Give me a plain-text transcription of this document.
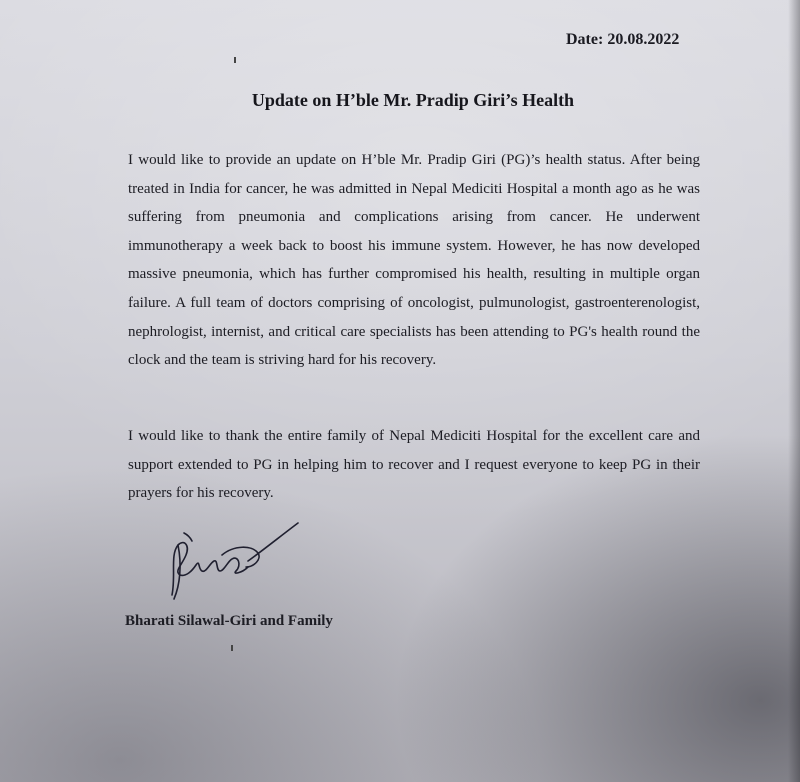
Date: 20.08.2022
Update on H’ble Mr. Pradip Giri’s Health
I would like to provide an update on H’ble Mr. Pradip Giri (PG)’s health status. After being treated in India for cancer, he was admitted in Nepal Mediciti Hospital a month ago as he was suffering from pneumonia and complications arising from cancer. He underwent immunotherapy a week back to boost his immune system. However, he has now developed massive pneumonia, which has further compromised his health, resulting in multiple organ failure. A full team of doctors comprising of oncologist, pulmunologist, gastroenterenologist, nephrologist, internist, and critical care specialists has been attending to PG's health round the clock and the team is striving hard for his recovery.
I would like to thank the entire family of Nepal Mediciti Hospital for the excellent care and support extended to PG in helping him to recover and I request everyone to keep PG in their prayers for his recovery.
Bharati Silawal-Giri and Family
